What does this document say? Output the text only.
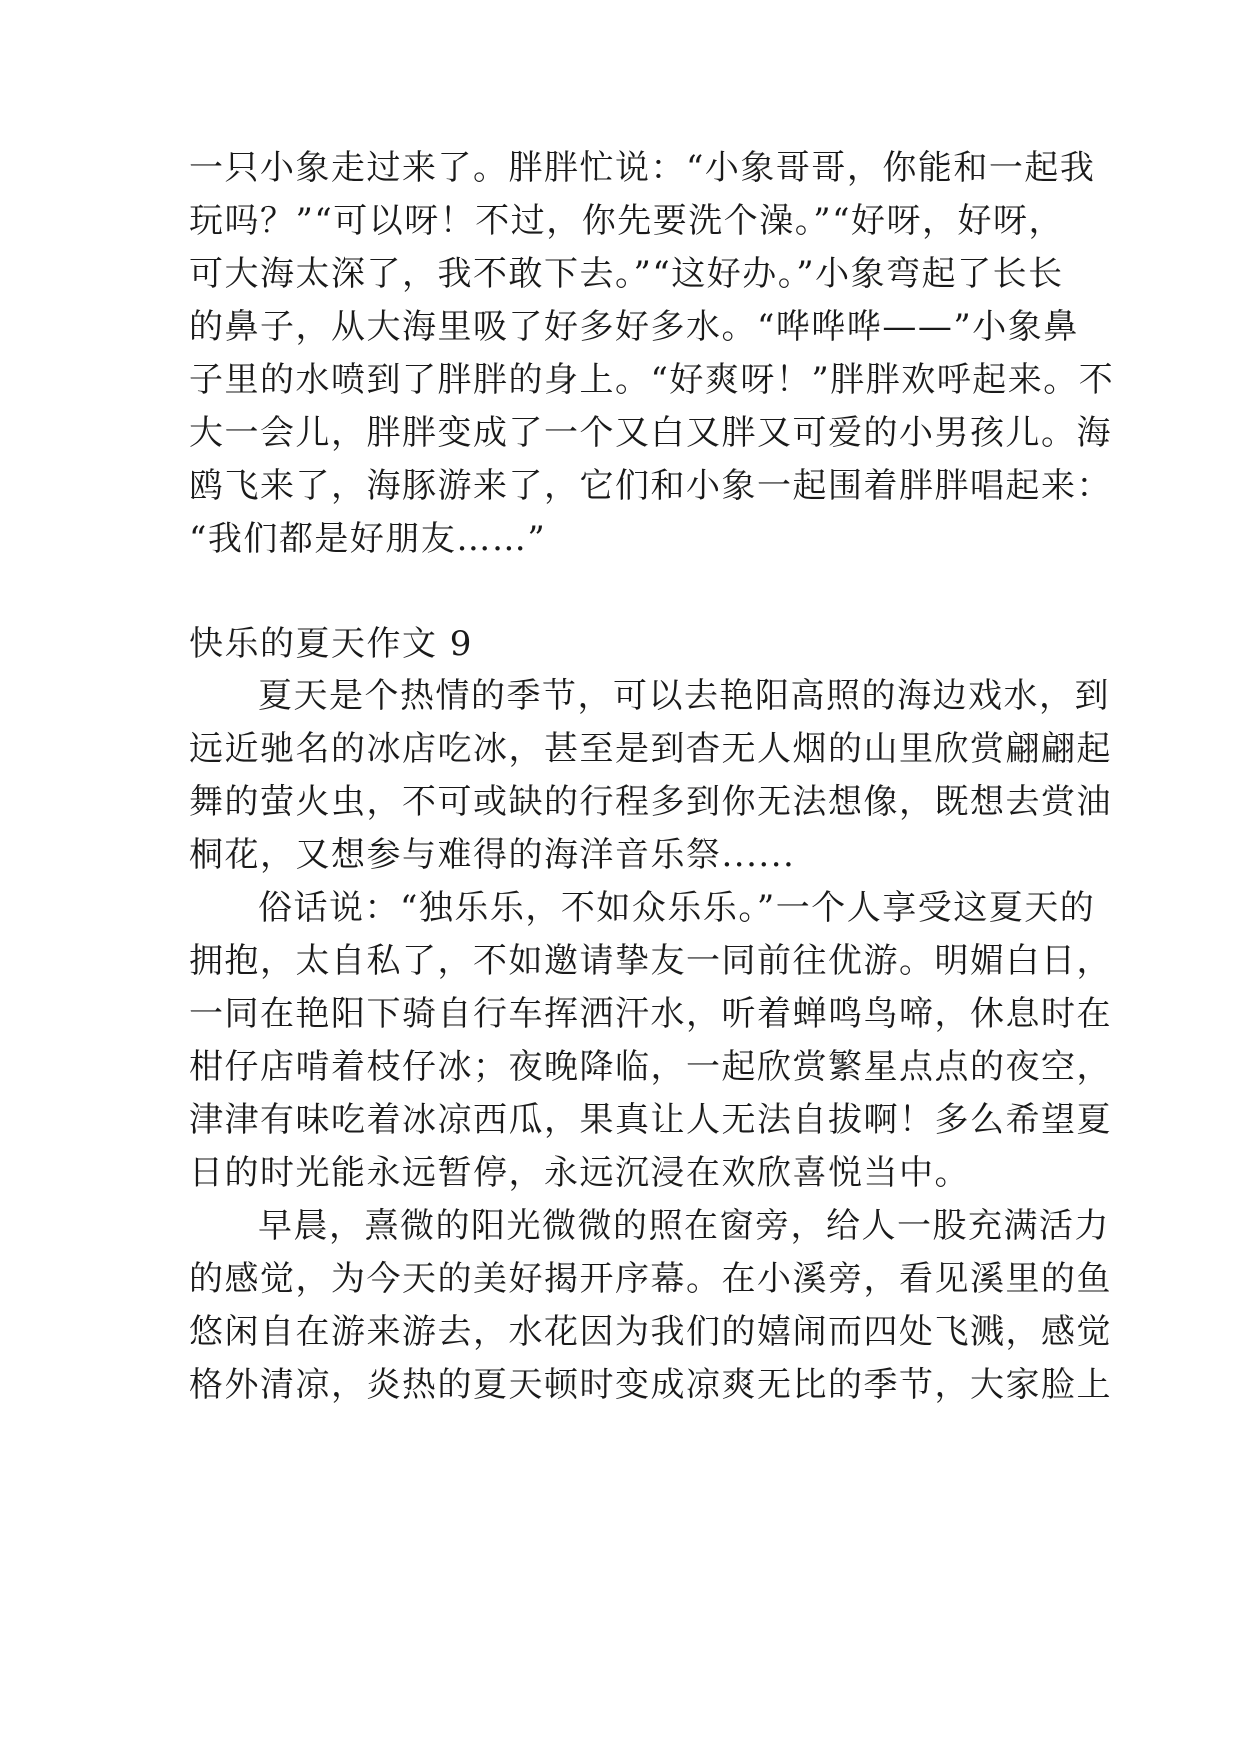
一只小象走过来了。胖胖忙说：“小象哥哥，你能和一起我
玩吗？”“可以呀！不过，你先要洗个澡。”“好呀，好呀，
可大海太深了，我不敢下去。”“这好办。”小象弯起了长长
的鼻子，从大海里吸了好多好多水。“哗哗哗——”小象鼻
子里的水喷到了胖胖的身上。“好爽呀！”胖胖欢呼起来。不
大一会儿，胖胖变成了一个又白又胖又可爱的小男孩儿。海
鸥飞来了，海豚游来了，它们和小象一起围着胖胖唱起来：
“我们都是好朋友……”
快乐的夏天作文 9
夏天是个热情的季节，可以去艳阳高照的海边戏水，到
远近驰名的冰店吃冰，甚至是到杳无人烟的山里欣赏翩翩起
舞的萤火虫，不可或缺的行程多到你无法想像，既想去赏油
桐花，又想参与难得的海洋音乐祭......
俗话说：“独乐乐，不如众乐乐。”一个人享受这夏天的
拥抱，太自私了，不如邀请挚友一同前往优游。明媚白日，
一同在艳阳下骑自行车挥洒汗水，听着蝉鸣鸟啼，休息时在
柑仔店啃着枝仔冰；夜晚降临，一起欣赏繁星点点的夜空，
津津有味吃着冰凉西瓜，果真让人无法自拔啊！多么希望夏
日的时光能永远暂停，永远沉浸在欢欣喜悦当中。
早晨，熹微的阳光微微的照在窗旁，给人一股充满活力
的感觉，为今天的美好揭开序幕。在小溪旁，看见溪里的鱼
悠闲自在游来游去，水花因为我们的嬉闹而四处飞溅，感觉
格外清凉，炎热的夏天顿时变成凉爽无比的季节，大家脸上
